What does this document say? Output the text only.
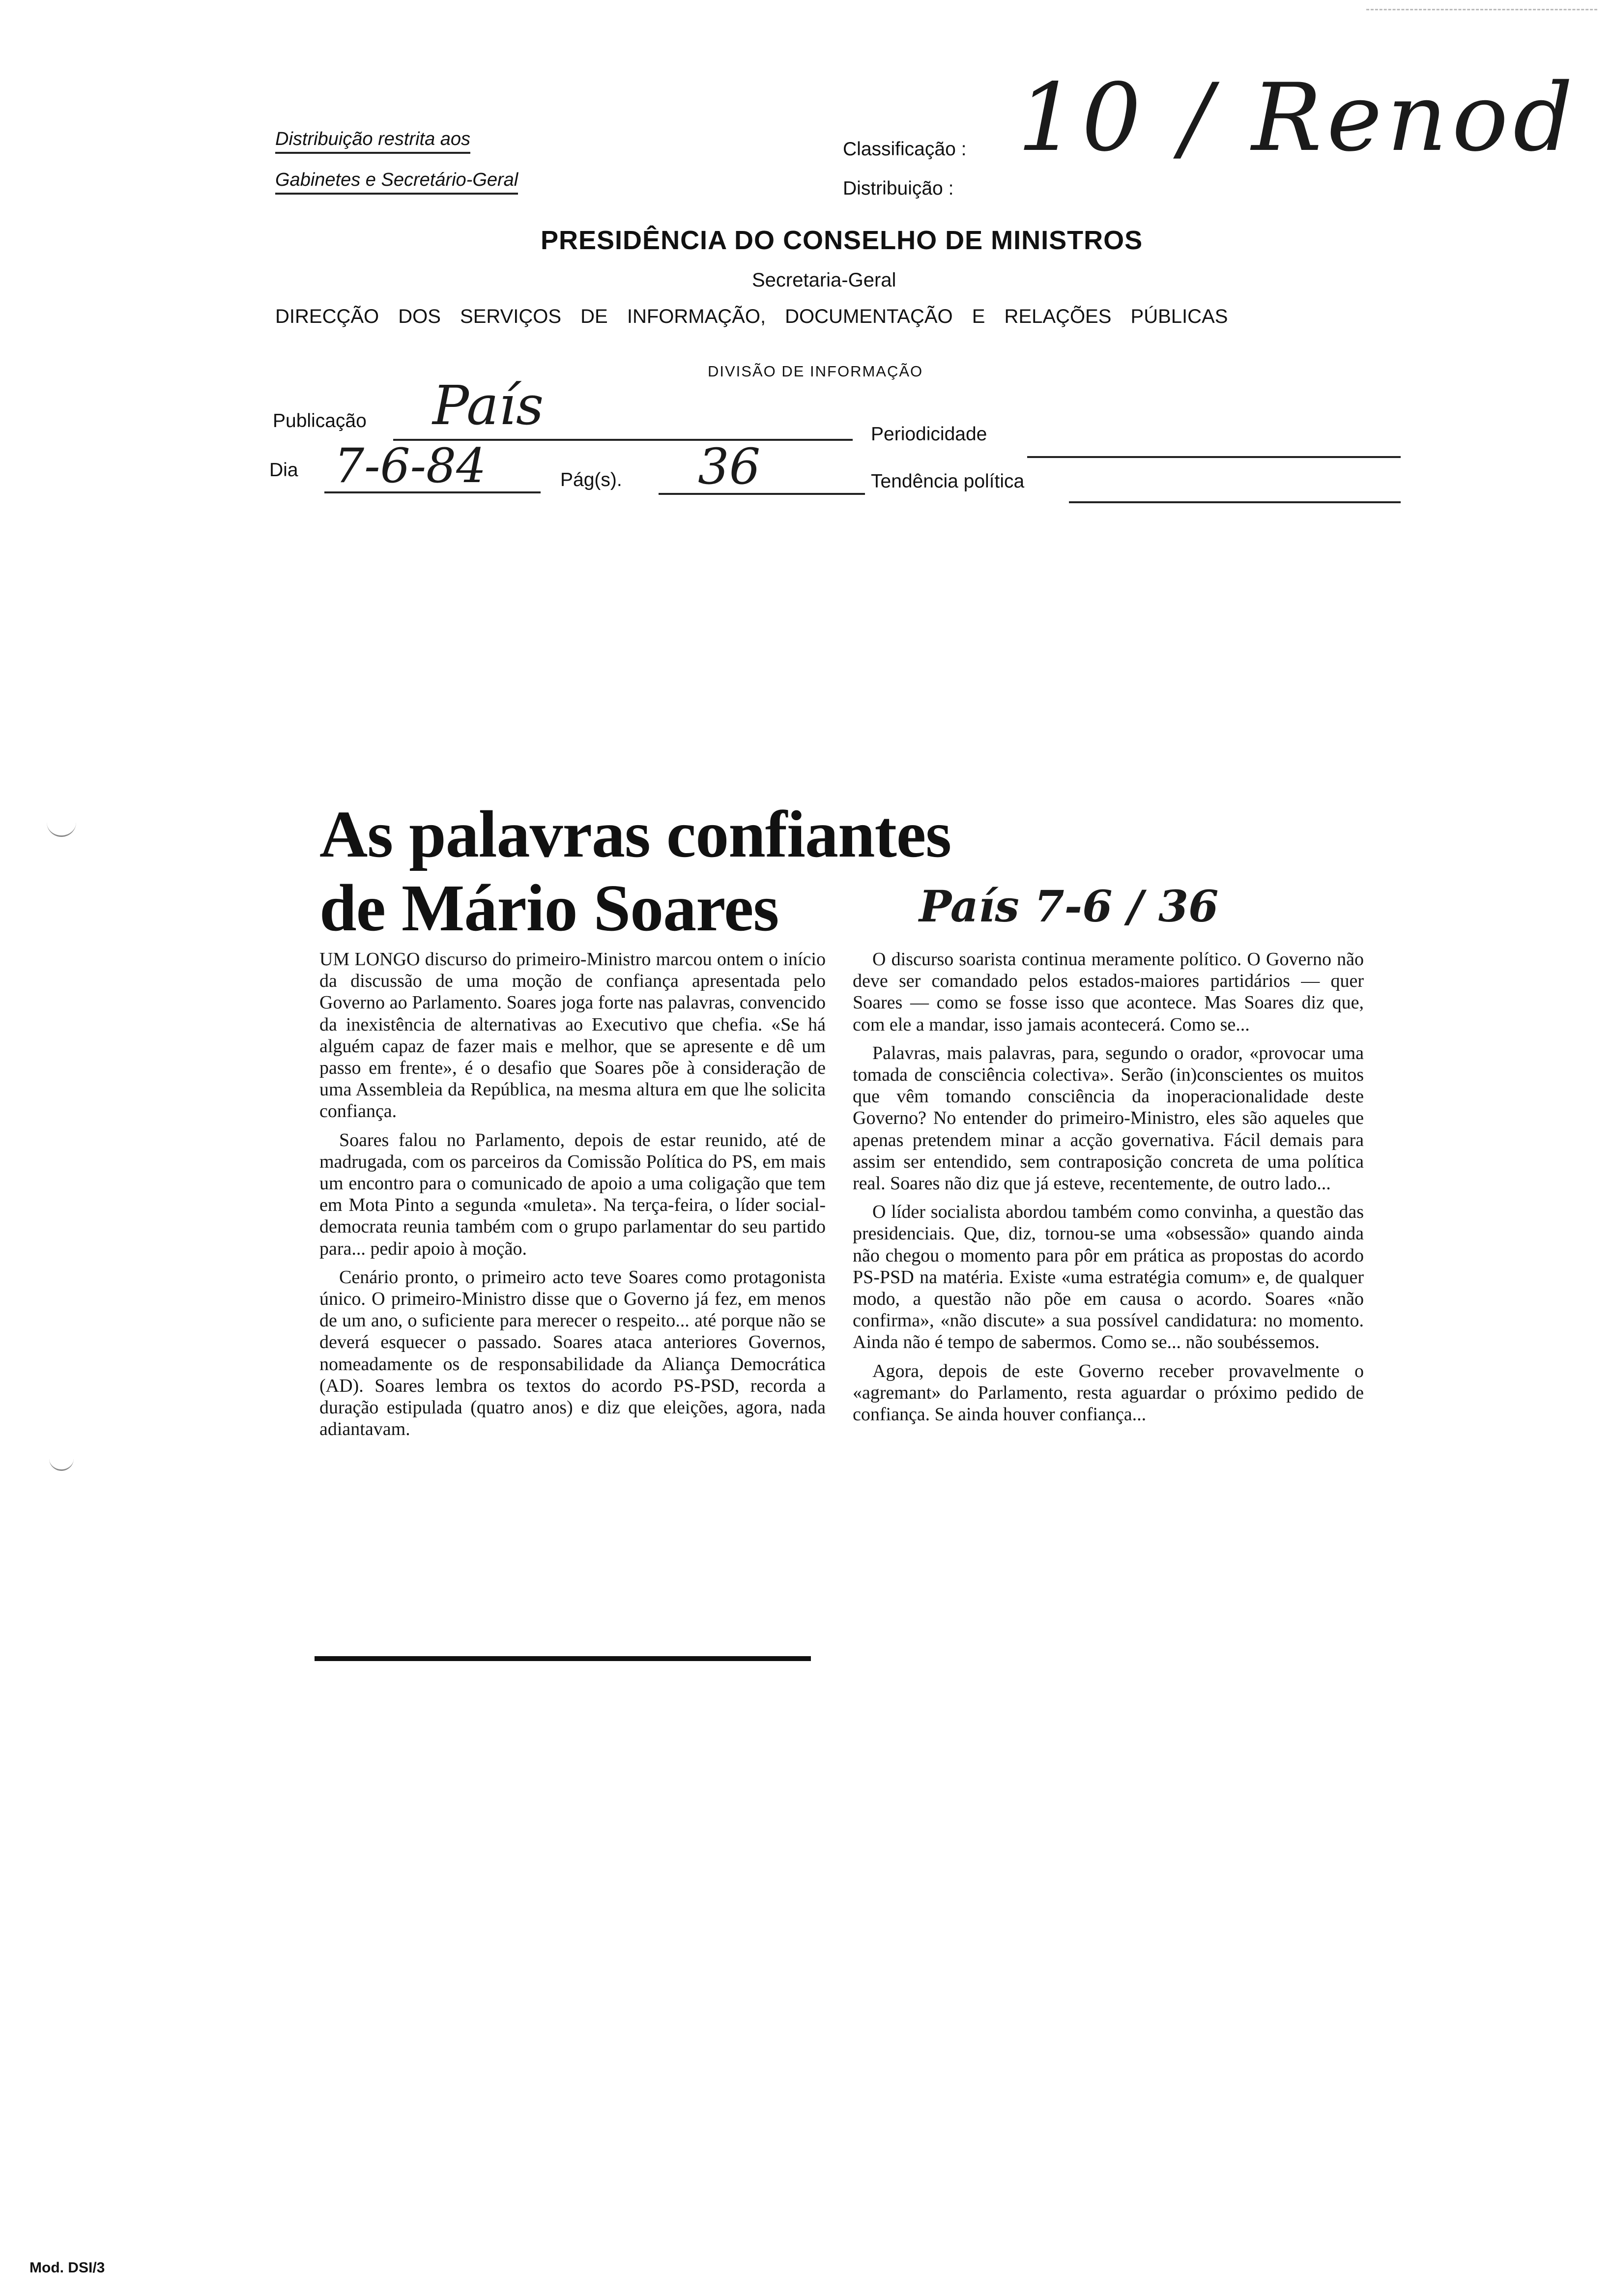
Distribuição restrita aos
Gabinetes e Secretário-Geral
Classificação :
Distribuição :
10 / Renod
PRESIDÊNCIA DO CONSELHO DE MINISTROS
Secretaria-Geral
DIRECÇÃO DOS SERVIÇOS DE INFORMAÇÃO, DOCUMENTAÇÃO E RELAÇÕES PÚBLICAS
DIVISÃO DE INFORMAÇÃO
Publicação País	Periodicidade
Dia 7-6-84	Pág(s). 36	Tendência política
As palavras confiantes
de Mário Soares	País 7-6 / 36

UM LONGO discurso do primeiro-Ministro marcou ontem o início da discussão de uma moção de confiança apresentada pelo Governo ao Parlamento. Soares joga forte nas palavras, convencido da inexistência de alternativas ao Executivo que chefia. «Se há alguém capaz de fazer mais e melhor, que se apresente e dê um passo em frente», é o desafio que Soares põe à consideração de uma Assembleia da República, na mesma altura em que lhe solicita confiança.

Soares falou no Parlamento, depois de estar reunido, até de madrugada, com os parceiros da Comissão Política do PS, em mais um encontro para o comunicado de apoio a uma coligação que tem em Mota Pinto a segunda «muleta». Na terça-feira, o líder social-democrata reunia também com o grupo parlamentar do seu partido para... pedir apoio à moção.

Cenário pronto, o primeiro acto teve Soares como protagonista único. O primeiro-Ministro disse que o Governo já fez, em menos de um ano, o suficiente para merecer o respeito... até porque não se deverá esquecer o passado. Soares ataca anteriores Governos, nomeadamente os de responsabilidade da Aliança Democrática (AD). Soares lembra os textos do acordo PS-PSD, recorda a duração estipulada (quatro anos) e diz que eleições, agora, nada adiantavam.

O discurso soarista continua meramente político. O Governo não deve ser comandado pelos estados-maiores partidários — quer Soares — como se fosse isso que acontece. Mas Soares diz que, com ele a mandar, isso jamais acontecerá. Como se...

Palavras, mais palavras, para, segundo o orador, «provocar uma tomada de consciência colectiva». Serão (in)conscientes os muitos que vêm tomando consciência da inoperacionalidade deste Governo? No entender do primeiro-Ministro, eles são aqueles que apenas pretendem minar a acção governativa. Fácil demais para assim ser entendido, sem contraposição concreta de uma política real. Soares não diz que já esteve, recentemente, de outro lado...

O líder socialista abordou também como convinha, a questão das presidenciais. Que, diz, tornou-se uma «obsessão» quando ainda não chegou o momento para pôr em prática as propostas do acordo PS-PSD na matéria. Existe «uma estratégia comum» e, de qualquer modo, a questão não põe em causa o acordo. Soares «não confirma», «não discute» a sua possível candidatura: no momento. Ainda não é tempo de sabermos. Como se... não soubéssemos.

Agora, depois de este Governo receber provavelmente o «agremant» do Parlamento, resta aguardar o próximo pedido de confiança. Se ainda houver confiança...

Mod. DSI/3
